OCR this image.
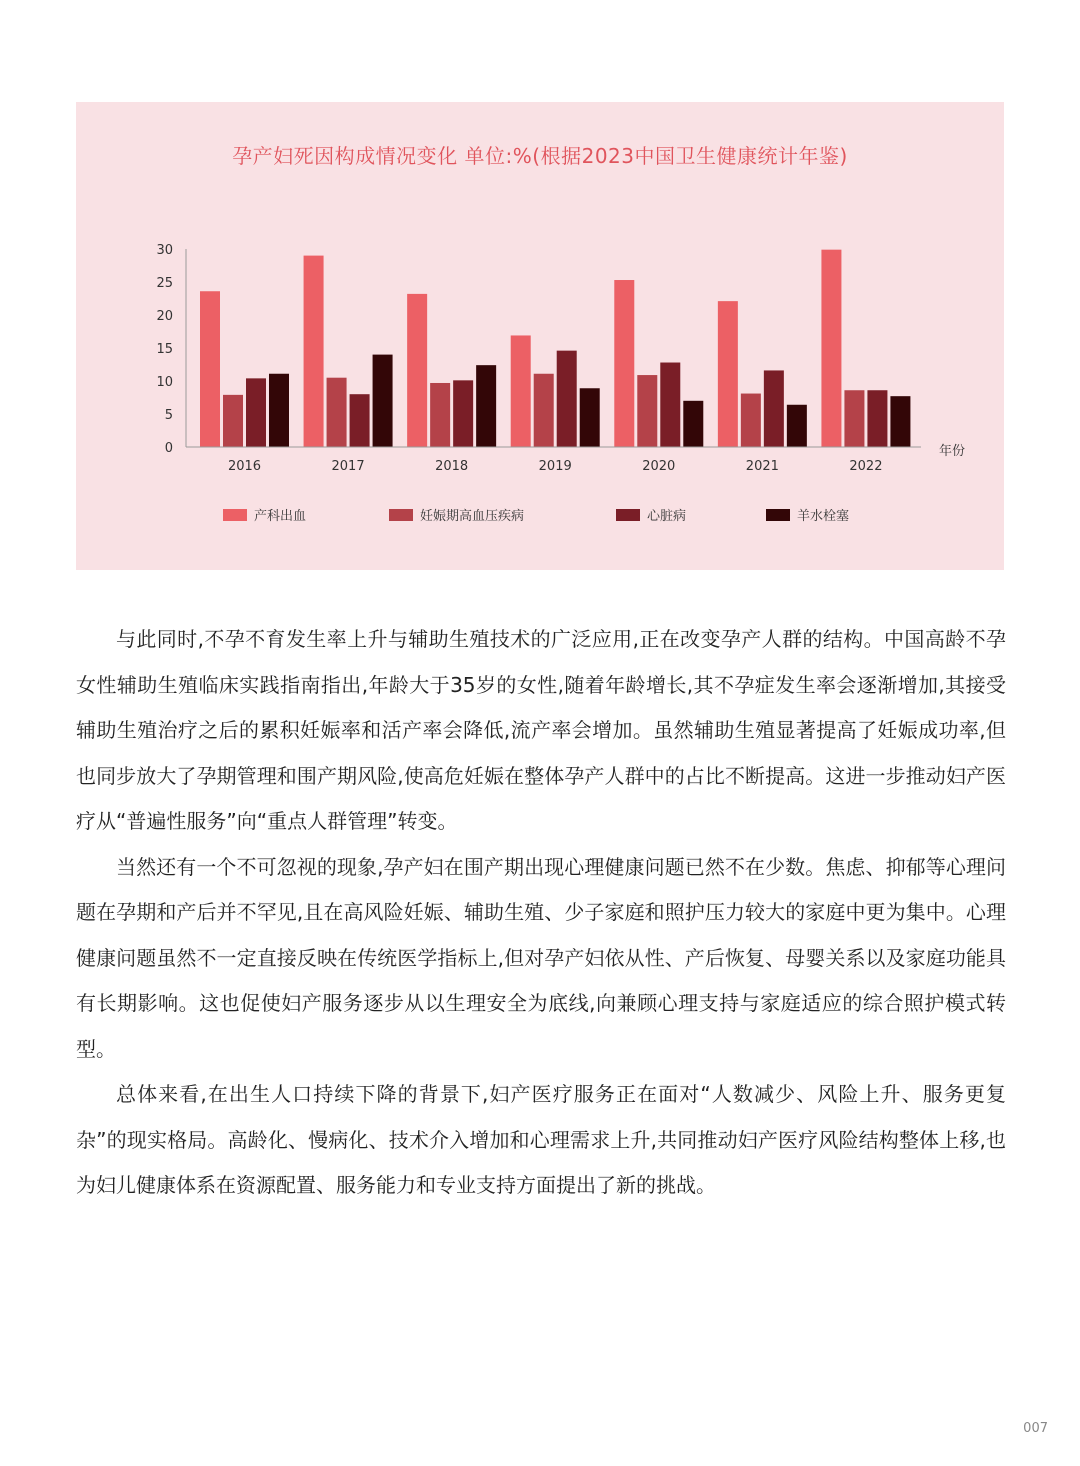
孕产妇死因构成情况变化 单位:%(根据2023中国卫生健康统计年鉴)
30
25
20
15
10
5
0	年份
2016	2017	2018	2019	2020	2021	2022
产科出血	妊娠期高血压疾病	心脏病	羊水栓塞

与此同时,不孕不育发生率上升与辅助生殖技术的广泛应用,正在改变孕产人群的结构。中国高龄不孕女性辅助生殖临床实践指南指出,年龄大于35岁的女性,随着年龄增长,其不孕症发生率会逐渐增加,其接受辅助生殖治疗之后的累积妊娠率和活产率会降低,流产率会增加。虽然辅助生殖显著提高了妊娠成功率,但也同步放大了孕期管理和围产期风险,使高危妊娠在整体孕产人群中的占比不断提高。这进一步推动妇产医疗从“普遍性服务”向“重点人群管理”转变。

当然还有一个不可忽视的现象,孕产妇在围产期出现心理健康问题已然不在少数。焦虑、抑郁等心理问题在孕期和产后并不罕见,且在高风险妊娠、辅助生殖、少子家庭和照护压力较大的家庭中更为集中。心理健康问题虽然不一定直接反映在传统医学指标上,但对孕产妇依从性、产后恢复、母婴关系以及家庭功能具有长期影响。这也促使妇产服务逐步从以生理安全为底线,向兼顾心理支持与家庭适应的综合照护模式转型。

总体来看,在出生人口持续下降的背景下,妇产医疗服务正在面对“人数减少、风险上升、服务更复杂”的现实格局。高龄化、慢病化、技术介入增加和心理需求上升,共同推动妇产医疗风险结构整体上移,也为妇儿健康体系在资源配置、服务能力和专业支持方面提出了新的挑战。

007
